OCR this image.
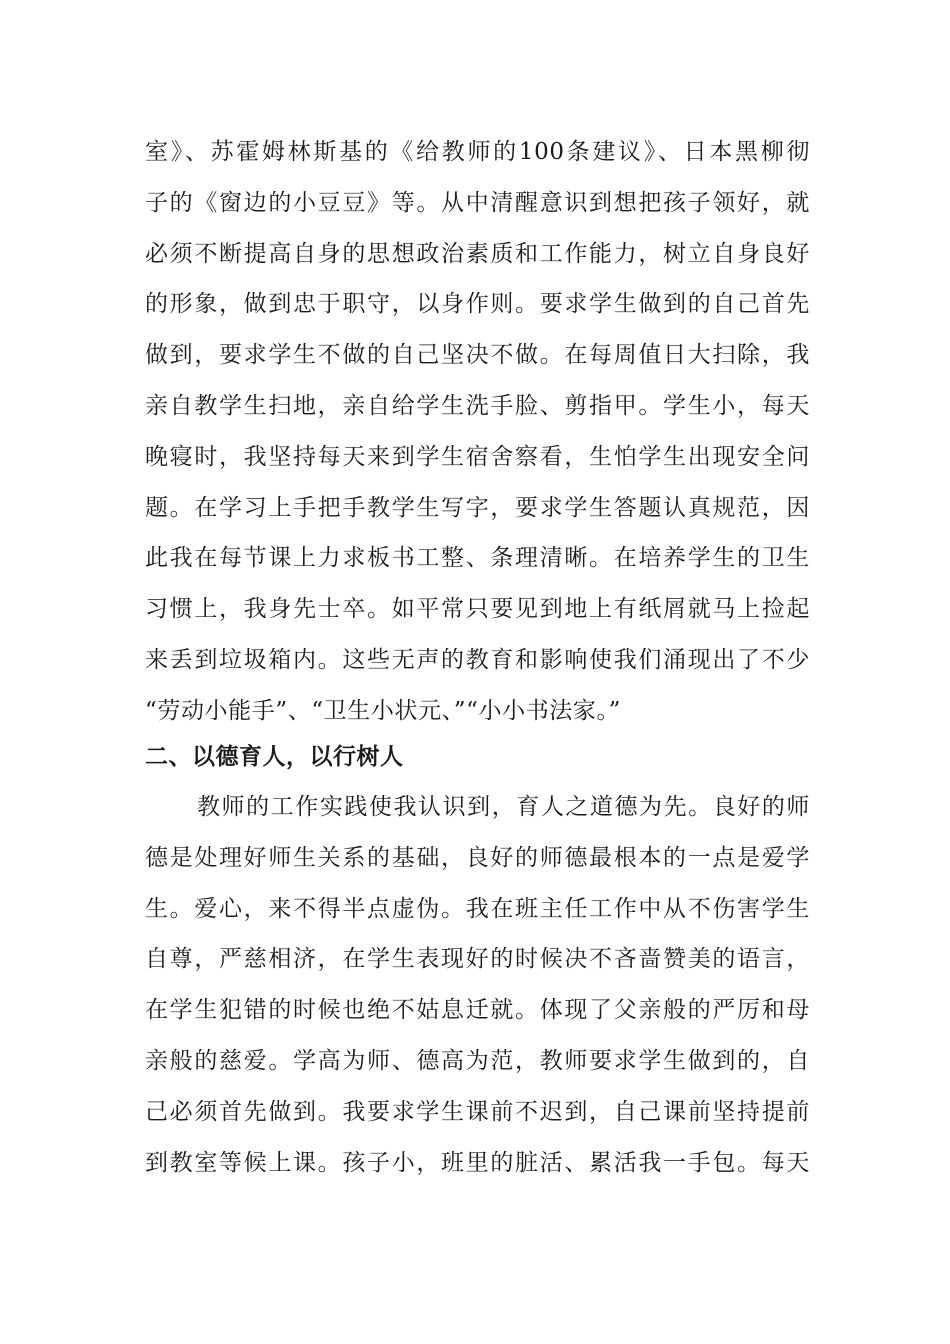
室》、苏霍姆林斯基的《给教师的100条建议》、日本黑柳彻
子的《窗边的小豆豆》等。从中清醒意识到想把孩子领好，就
必须不断提高自身的思想政治素质和工作能力，树立自身良好
的形象，做到忠于职守，以身作则。要求学生做到的自己首先
做到，要求学生不做的自己坚决不做。在每周值日大扫除，我
亲自教学生扫地，亲自给学生洗手脸、剪指甲。学生小，每天
晚寝时，我坚持每天来到学生宿舍察看，生怕学生出现安全问
题。在学习上手把手教学生写字，要求学生答题认真规范，因
此我在每节课上力求板书工整、条理清晰。在培养学生的卫生
习惯上，我身先士卒。如平常只要见到地上有纸屑就马上捡起
来丢到垃圾箱内。这些无声的教育和影响使我们涌现出了不少
“劳动小能手”、“卫生小状元、”“小小书法家。”
二、以德育人，以行树人
教师的工作实践使我认识到，育人之道德为先。良好的师
德是处理好师生关系的基础，良好的师德最根本的一点是爱学
生。爱心，来不得半点虚伪。我在班主任工作中从不伤害学生
自尊，严慈相济，在学生表现好的时候决不吝啬赞美的语言，
在学生犯错的时候也绝不姑息迁就。体现了父亲般的严厉和母
亲般的慈爱。学高为师、德高为范，教师要求学生做到的，自
己必须首先做到。我要求学生课前不迟到，自己课前坚持提前
到教室等候上课。孩子小，班里的脏活、累活我一手包。每天
